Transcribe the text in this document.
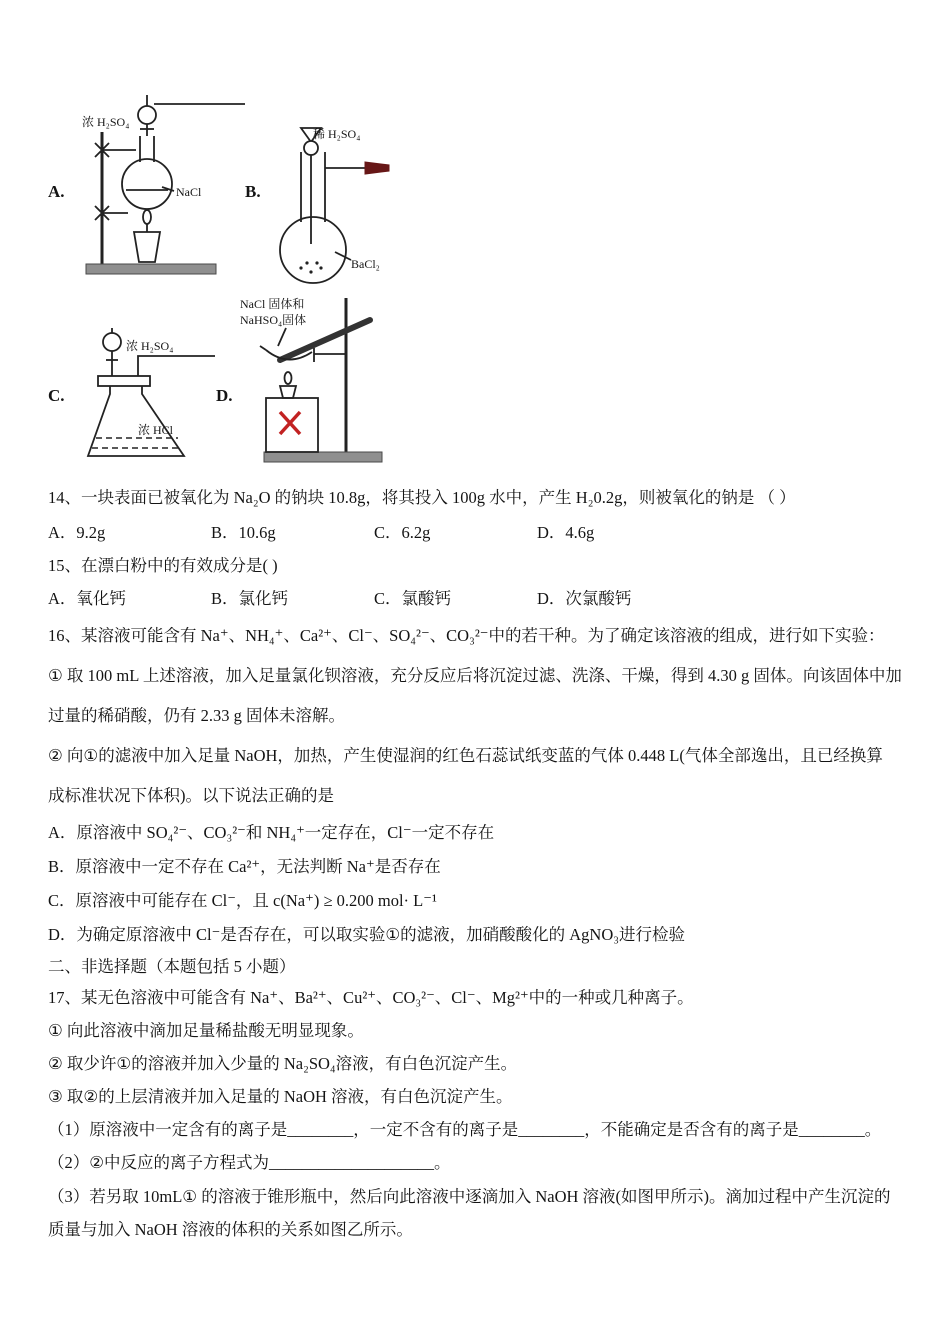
A.	B.
C.	D.
浓 H₂SO₄
NaCl
稀 H₂SO₄
BaCl₂
浓 H₂SO₄
浓 HCl
NaCl 固体和
NaHSO₄固体

14、一块表面已被氧化为 Na₂O 的钠块 10.8g，将其投入 100g 水中，产生 H₂0.2g，则被氧化的钠是 （ ）

A．9.2g	B．10.6g	C．6.2g	D．4.6g

15、在漂白粉中的有效成分是( )

A．氧化钙	B．氯化钙	C．氯酸钙	D．次氯酸钙

16、某溶液可能含有 Na⁺、NH₄⁺、Ca²⁺、Cl⁻、SO₄²⁻、CO₃²⁻中的若干种。为了确定该溶液的组成，进行如下实验：

① 取 100 mL 上述溶液，加入足量氯化钡溶液，充分反应后将沉淀过滤、洗涤、干燥，得到 4.30 g 固体。向该固体中加

过量的稀硝酸，仍有 2.33 g 固体未溶解。

② 向①的滤液中加入足量 NaOH，加热，产生使湿润的红色石蕊试纸变蓝的气体 0.448 L(气体全部逸出，且已经换算

成标准状况下体积)。以下说法正确的是

A．原溶液中 SO₄²⁻、CO₃²⁻和 NH₄⁺一定存在，Cl⁻一定不存在

B．原溶液中一定不存在 Ca²⁺，无法判断 Na⁺是否存在

C．原溶液中可能存在 Cl⁻，且 c(Na⁺) ≥ 0.200 mol· L⁻¹

D．为确定原溶液中 Cl⁻是否存在，可以取实验①的滤液，加硝酸酸化的 AgNO₃进行检验

二、非选择题（本题包括 5 小题）

17、某无色溶液中可能含有 Na⁺、Ba²⁺、Cu²⁺、CO₃²⁻、Cl⁻、Mg²⁺中的一种或几种离子。

① 向此溶液中滴加足量稀盐酸无明显现象。

② 取少许①的溶液并加入少量的 Na₂SO₄溶液，有白色沉淀产生。

③ 取②的上层清液并加入足量的 NaOH 溶液，有白色沉淀产生。

（1）原溶液中一定含有的离子是________，一定不含有的离子是________，不能确定是否含有的离子是________。

（2）②中反应的离子方程式为____________________。

（3）若另取 10mL① 的溶液于锥形瓶中，然后向此溶液中逐滴加入 NaOH 溶液(如图甲所示)。滴加过程中产生沉淀的

质量与加入 NaOH 溶液的体积的关系如图乙所示。
